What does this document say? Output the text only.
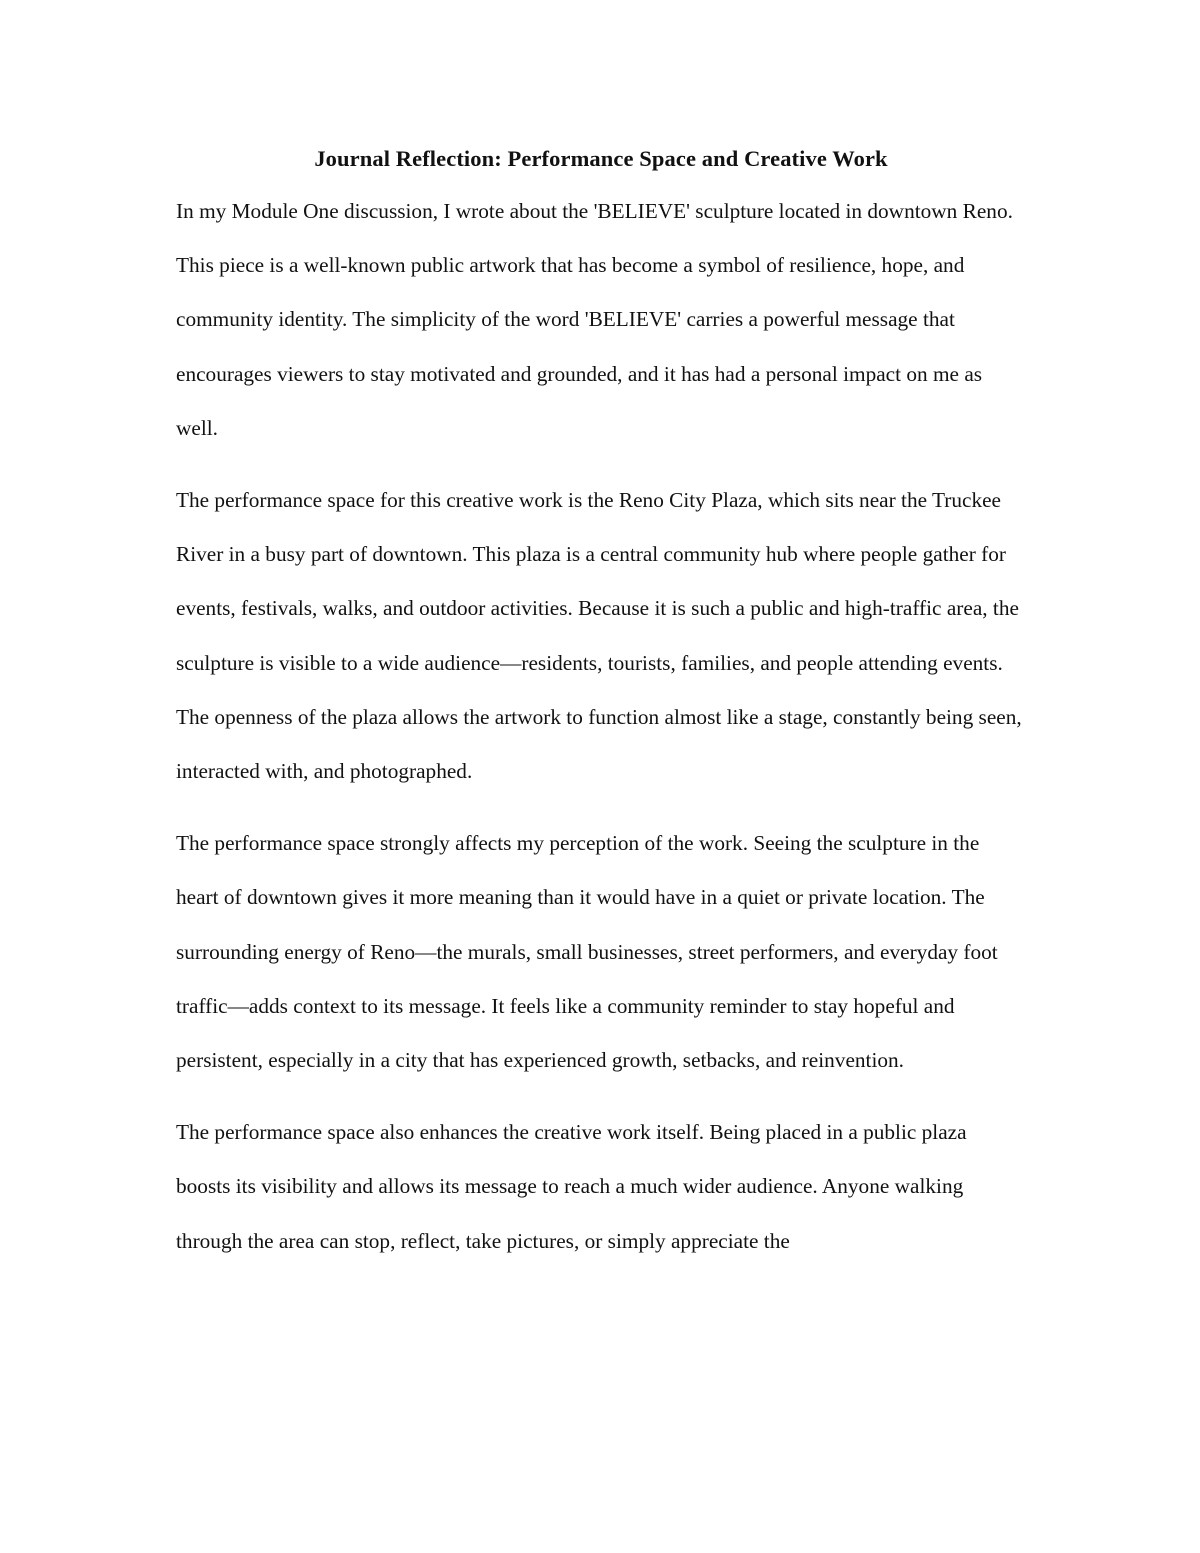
Journal Reflection: Performance Space and Creative Work

In my Module One discussion, I wrote about the 'BELIEVE' sculpture located in downtown Reno. This piece is a well-known public artwork that has become a symbol of resilience, hope, and community identity. The simplicity of the word 'BELIEVE' carries a powerful message that encourages viewers to stay motivated and grounded, and it has had a personal impact on me as well.

The performance space for this creative work is the Reno City Plaza, which sits near the Truckee River in a busy part of downtown. This plaza is a central community hub where people gather for events, festivals, walks, and outdoor activities. Because it is such a public and high-traffic area, the sculpture is visible to a wide audience—residents, tourists, families, and people attending events. The openness of the plaza allows the artwork to function almost like a stage, constantly being seen, interacted with, and photographed.

The performance space strongly affects my perception of the work. Seeing the sculpture in the heart of downtown gives it more meaning than it would have in a quiet or private location. The surrounding energy of Reno—the murals, small businesses, street performers, and everyday foot traffic—adds context to its message. It feels like a community reminder to stay hopeful and persistent, especially in a city that has experienced growth, setbacks, and reinvention.

The performance space also enhances the creative work itself. Being placed in a public plaza boosts its visibility and allows its message to reach a much wider audience. Anyone walking through the area can stop, reflect, take pictures, or simply appreciate the
